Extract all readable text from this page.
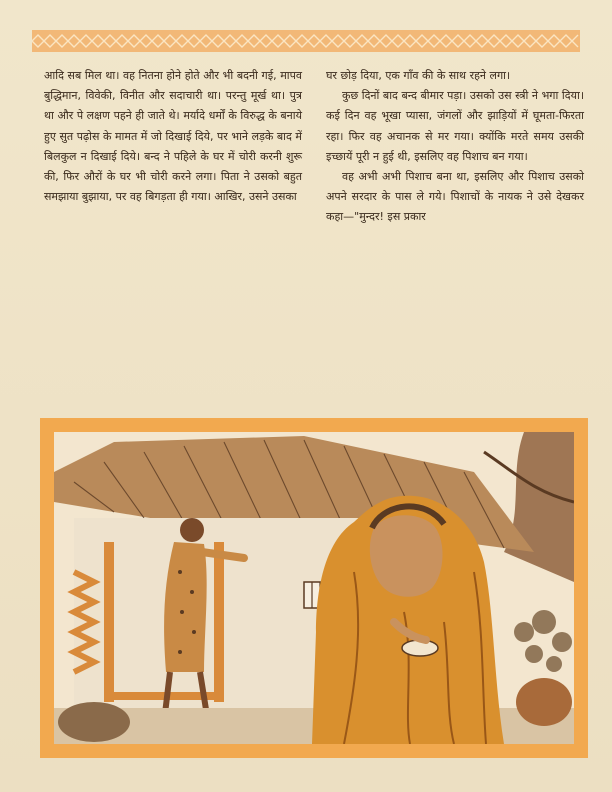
आदि सब मिल था। वह नितना होने होते और भी बदनी गई, मापव बुद्धिमान, विवेकी, विनीत और सदाचारी था। परन्तु मूर्ख था। पुत्र था और पे लक्षण पहने ही जाते थे। मर्यादे धर्मों के विरुद्ध के बनाये हुए सुत पढ़ोस के मामत में जो दिखाई दिये, पर भाने लड़के बाद में बिलकुल न दिखाई दिये। बन्द ने पहिले के घर में चोरी करनी शुरू की, फिर औरों के घर भी चोरी करने लगा। पिता ने उसको बहुत समझाया बुझाया, पर वह बिगड़ता ही गया। आखिर, उसने उसका

घर छोड़ दिया, एक गाँव की के साथ रहने लगा।

कुछ दिनों बाद बन्द बीमार पड़ा। उसको उस स्त्री ने भगा दिया। कई दिन वह भूखा प्यासा, जंगलों और झाड़ियों में घूमता-फिरता रहा। फिर वह अचानक से मर गया। क्योंकि मरते समय उसकी इच्छायें पूरी न हुई थी, इसलिए वह पिशाच बन गया।

वह अभी अभी पिशाच बना था, इसलिए और पिशाच उसको अपने सरदार के पास ले गये। पिशाचों के नायक ने उसे देखकर कहा—"मुन्दर! इस प्रकार
